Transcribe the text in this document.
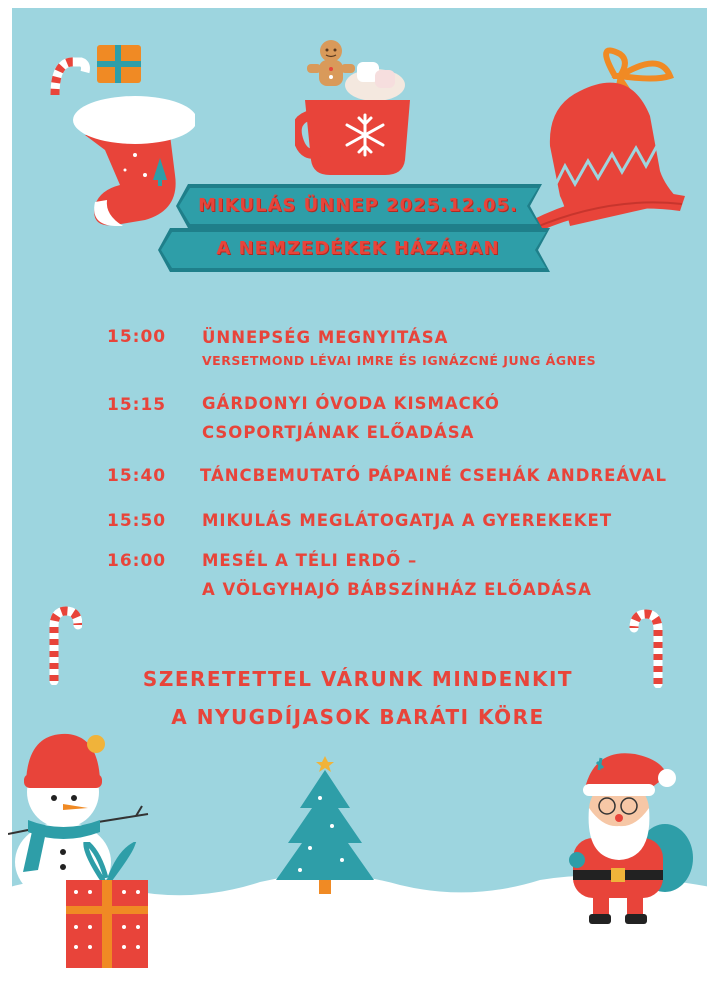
MIKULÁS ÜNNEP 2025.12.05.
A NEMZEDÉKEK HÁZÁBAN
15:00 ÜNNEPSÉG MEGNYITÁSA
VERSETMOND LÉVAI IMRE ÉS IGNÁZCNÉ JUNG ÁGNES
15:15 GÁRDONYI ÓVODA KISMACKÓ
CSOPORTJÁNAK ELŐADÁSA
15:40 TÁNCBEMUTATÓ PÁPAINÉ CSEHÁK ANDREÁVAL
15:50 MIKULÁS MEGLÁTOGATJA A GYEREKEKET
16:00 MESÉL A TÉLI ERDŐ –
A VÖLGYHAJÓ BÁBSZÍNHÁZ ELŐADÁSA
SZERETETTEL VÁRUNK MINDENKIT
A NYUGDÍJASOK BARÁTI KÖRE
